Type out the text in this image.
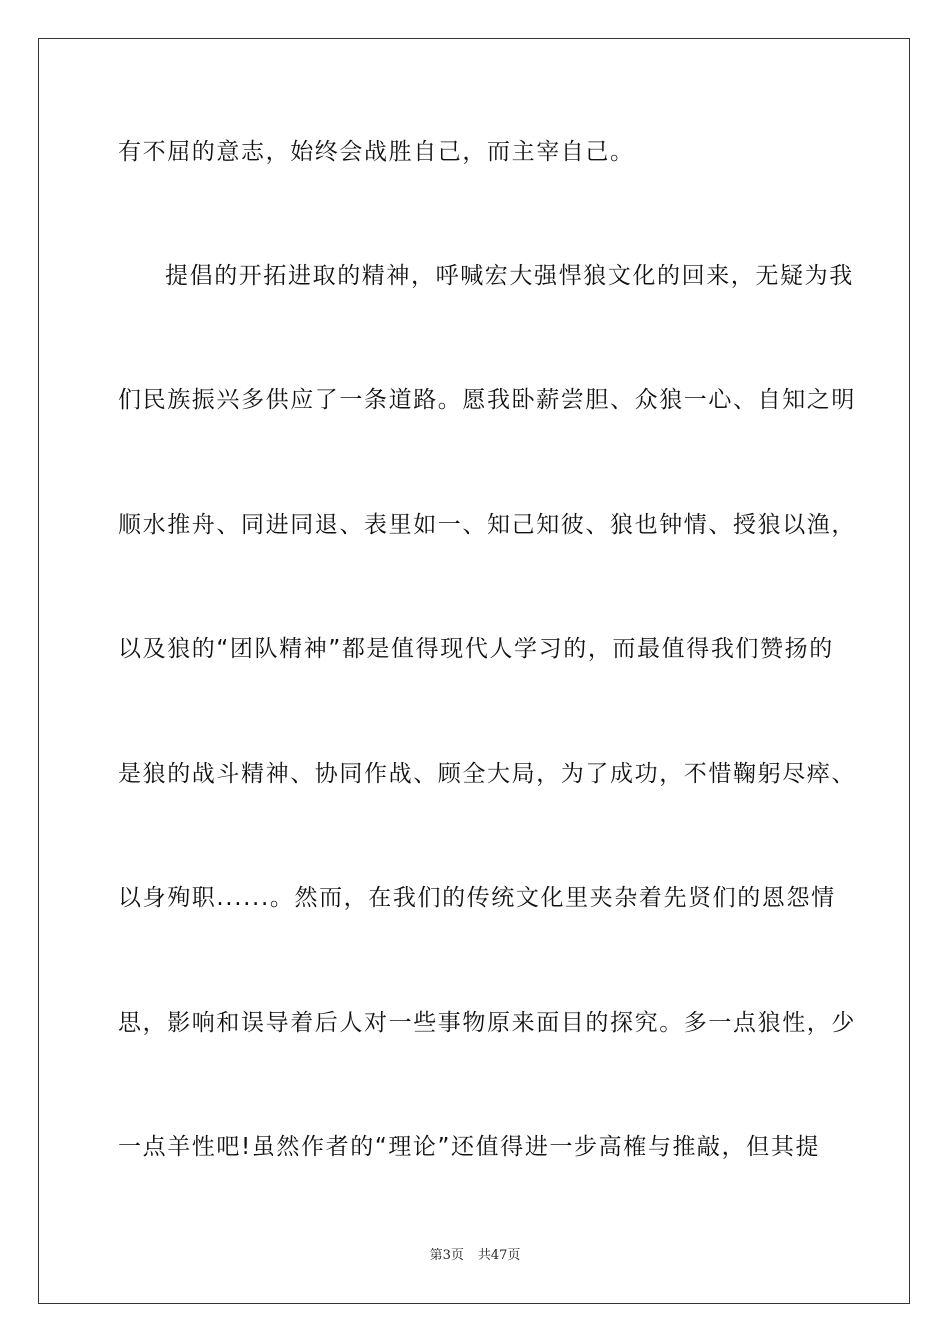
有不屈的意志，始终会战胜自己，而主宰自己。
提倡的开拓进取的精神，呼喊宏大强悍狼文化的回来，无疑为我
们民族振兴多供应了一条道路。愿我卧薪尝胆、众狼一心、自知之明
顺水推舟、同进同退、表里如一、知己知彼、狼也钟情、授狼以渔，
以及狼的“团队精神”都是值得现代人学习的，而最值得我们赞扬的
是狼的战斗精神、协同作战、顾全大局，为了成功，不惜鞠躬尽瘁、
以身殉职......。然而，在我们的传统文化里夹杂着先贤们的恩怨情
思，影响和误导着后人对一些事物原来面目的探究。多一点狼性，少
一点羊性吧!虽然作者的“理论”还值得进一步高榷与推敲，但其提
第3页 共47页
